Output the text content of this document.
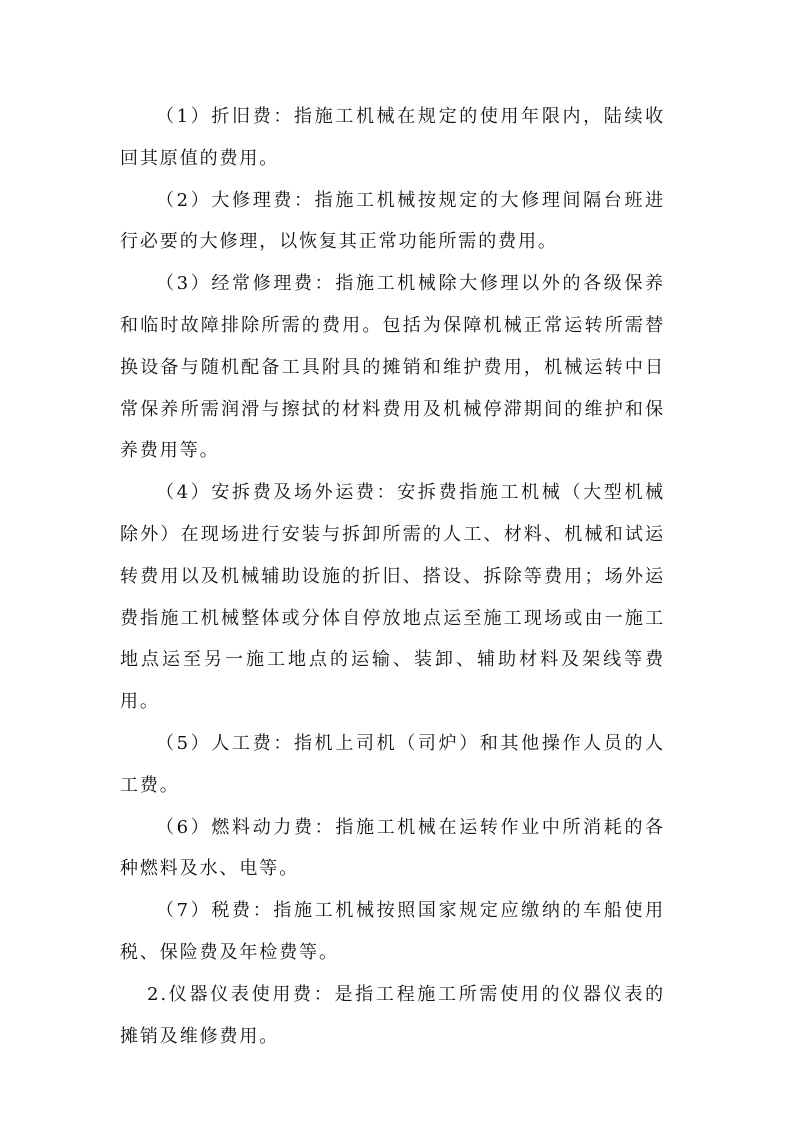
（1）折旧费：指施工机械在规定的使用年限内，陆续收回其原值的费用。

（2）大修理费：指施工机械按规定的大修理间隔台班进行必要的大修理，以恢复其正常功能所需的费用。

（3）经常修理费：指施工机械除大修理以外的各级保养和临时故障排除所需的费用。包括为保障机械正常运转所需替换设备与随机配备工具附具的摊销和维护费用，机械运转中日常保养所需润滑与擦拭的材料费用及机械停滞期间的维护和保养费用等。

（4）安拆费及场外运费：安拆费指施工机械（大型机械除外）在现场进行安装与拆卸所需的人工、材料、机械和试运转费用以及机械辅助设施的折旧、搭设、拆除等费用；场外运费指施工机械整体或分体自停放地点运至施工现场或由一施工地点运至另一施工地点的运输、装卸、辅助材料及架线等费用。

（5）人工费：指机上司机（司炉）和其他操作人员的人工费。

（6）燃料动力费：指施工机械在运转作业中所消耗的各种燃料及水、电等。

（7）税费：指施工机械按照国家规定应缴纳的车船使用税、保险费及年检费等。

2.仪器仪表使用费：是指工程施工所需使用的仪器仪表的摊销及维修费用。
